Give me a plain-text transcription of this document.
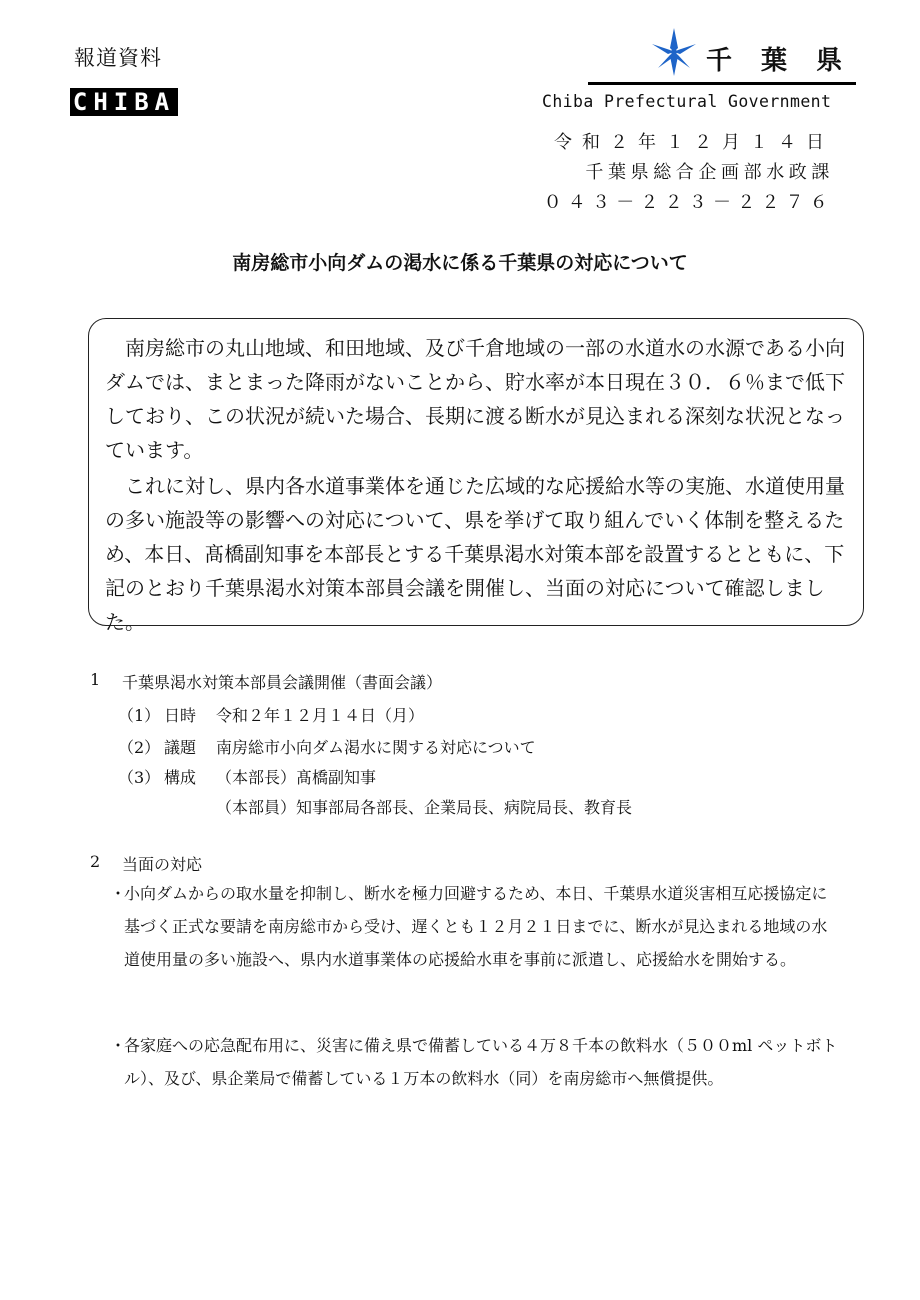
報道資料
CHIBA
千 葉 県
Chiba Prefectural Government
令和２年１２月１４日
千葉県総合企画部水政課
０４３－２２３－２２７６
南房総市小向ダムの渇水に係る千葉県の対応について

南房総市の丸山地域、和田地域、及び千倉地域の一部の水道水の水源である小向ダムでは、まとまった降雨がないことから、貯水率が本日現在３０．６％まで低下しており、この状況が続いた場合、長期に渡る断水が見込まれる深刻な状況となっています。

これに対し、県内各水道事業体を通じた広域的な応援給水等の実施、水道使用量の多い施設等の影響への対応について、県を挙げて取り組んでいく体制を整えるため、本日、髙橋副知事を本部長とする千葉県渇水対策本部を設置するとともに、下記のとおり千葉県渇水対策本部員会議を開催し、当面の対応について確認しました。

1 千葉県渇水対策本部員会議開催（書面会議）
（1） 日時 令和２年１２月１４日（月）
（2） 議題 南房総市小向ダム渇水に関する対応について
（3） 構成 （本部長）髙橋副知事
（本部員）知事部局各部長、企業局長、病院局長、教育長
2 当面の対応
・
小向ダムからの取水量を抑制し、断水を極力回避するため、本日、千葉県水道災害相互応援協定に基づく正式な要請を南房総市から受け、遅くとも１２月２１日までに、断水が見込まれる地域の水道使用量の多い施設へ、県内水道事業体の応援給水車を事前に派遣し、応援給水を開始する。
・
各家庭への応急配布用に、災害に備え県で備蓄している４万８千本の飲料水（５００ml ペットボトル）、及び、県企業局で備蓄している１万本の飲料水（同）を南房総市へ無償提供。
